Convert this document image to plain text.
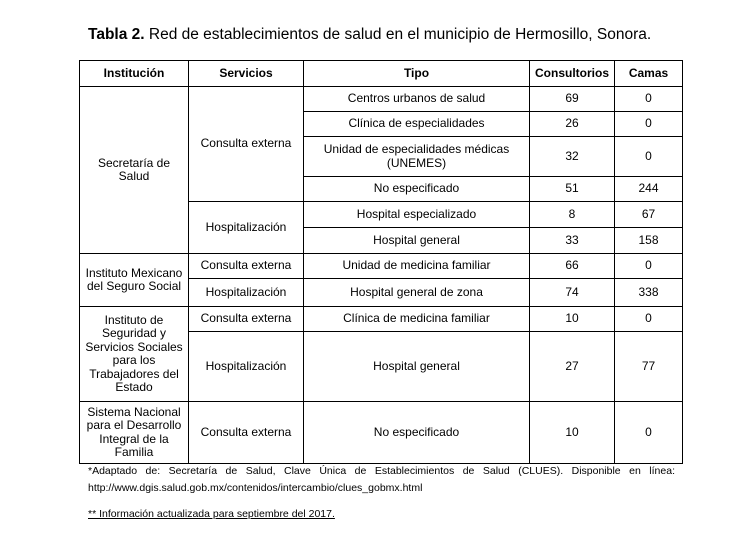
Tabla 2. Red de establecimientos de salud en el municipio de Hermosillo, Sonora.
Institución	Servicios	Tipo	Consultorios	Camas
Secretaría de Salud	Consulta externa	Centros urbanos de salud	69	0
		Clínica de especialidades	26	0
		Unidad de especialidades médicas (UNEMES)	32	0
		No especificado	51	244
	Hospitalización	Hospital especializado	8	67
		Hospital general	33	158
Instituto Mexicano del Seguro Social	Consulta externa	Unidad de medicina familiar	66	0
	Hospitalización	Hospital general de zona	74	338
Instituto de Seguridad y Servicios Sociales para los Trabajadores del Estado	Consulta externa	Clínica de medicina familiar	10	0
	Hospitalización	Hospital general	27	77
Sistema Nacional para el Desarrollo Integral de la Familia	Consulta externa	No especificado	10	0
*Adaptado de: Secretaría de Salud, Clave Única de Establecimientos de Salud (CLUES). Disponible en línea: http://www.dgis.salud.gob.mx/contenidos/intercambio/clues_gobmx.html
** Información actualizada para septiembre del 2017.
